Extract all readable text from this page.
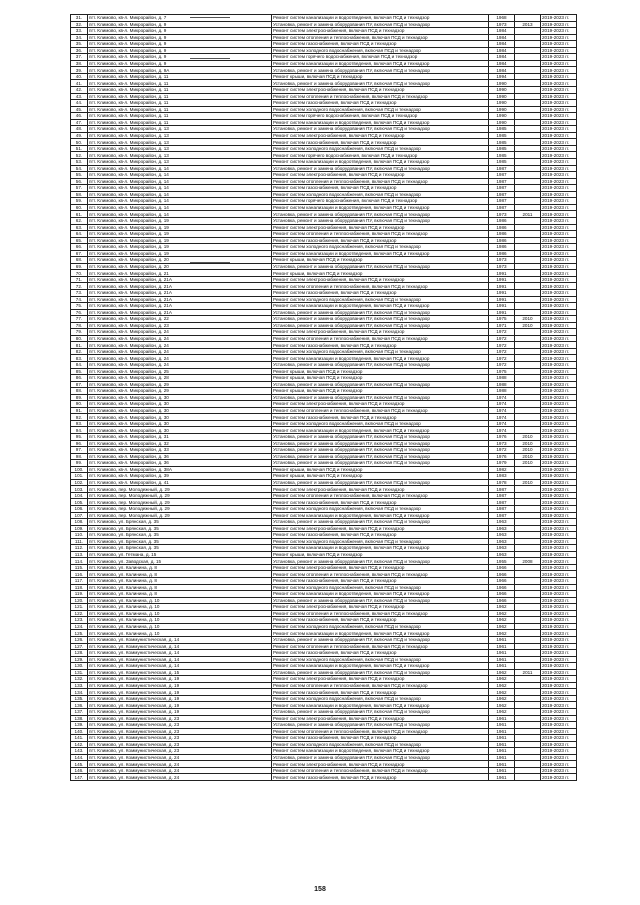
31.	пгт. Климово, кв-л. Микрорайон, д. 7	Ремонт систем канализации и водоотведения, включая ПСД и технадзор	1968		2019-2023 гг.
32.	пгт. Климово, кв-л. Микрорайон, д. 9	Установка, ремонт и замена оборудования ПУ, включая ПСД и технадзор	1973	2013	2019-2023 гг.
33.	пгт. Климово, кв-л. Микрорайон, д. 9	Ремонт систем электроснабжения, включая ПСД и технадзор	1984		2019-2023 гг.
34.	пгт. Климово, кв-л. Микрорайон, д. 9	Ремонт систем отопления и теплоснабжения, включая ПСД и технадзор	1984		2019-2023 гг.
35.	пгт. Климово, кв-л. Микрорайон, д. 9	Ремонт систем газоснабжения, включая ПСД и технадзор	1984		2019-2023 гг.
36.	пгт. Климово, кв-л. Микрорайон, д. 9	Ремонт систем холодного водоснабжения, включая ПСД и технадзор	1984		2019-2023 гг.
37.	пгт. Климово, кв-л. Микрорайон, д. 9	Ремонт систем горячего водоснабжения, включая ПСД и технадзор	1984		2019-2023 гг.
38.	пгт. Климово, кв-л. Микрорайон, д. 9	Ремонт систем канализации и водоотведения, включая ПСД и технадзор	1984		2019-2023 гг.
39.	пгт. Климово, кв-л. Микрорайон, д. 9А	Установка, ремонт и замена оборудования ПУ, включая ПСД и технадзор	1984		2019-2023 гг.
40.	пгт. Климово, кв-л. Микрорайон, д. 11	Ремонт крыши, включая ПСД и технадзор	1994		2019-2023 гг.
41.	пгт. Климово, кв-л. Микрорайон, д. 11	Установка, ремонт и замена оборудования ПУ, включая ПСД и технадзор	1990		2019-2023 гг.
42.	пгт. Климово, кв-л. Микрорайон, д. 11	Ремонт систем электроснабжения, включая ПСД и технадзор	1990		2019-2023 гг.
43.	пгт. Климово, кв-л. Микрорайон, д. 11	Ремонт систем отопления и теплоснабжения, включая ПСД и технадзор	1990		2019-2023 гг.
44.	пгт. Климово, кв-л. Микрорайон, д. 11	Ремонт систем газоснабжения, включая ПСД и технадзор	1990		2019-2023 гг.
45.	пгт. Климово, кв-л. Микрорайон, д. 11	Ремонт систем холодного водоснабжения, включая ПСД и технадзор	1990		2019-2023 гг.
46.	пгт. Климово, кв-л. Микрорайон, д. 11	Ремонт систем горячего водоснабжения, включая ПСД и технадзор	1990		2019-2023 гг.
47.	пгт. Климово, кв-л. Микрорайон, д. 11	Ремонт систем канализации и водоотведения, включая ПСД и технадзор	1990		2019-2023 гг.
48.	пгт. Климово, кв-л. Микрорайон, д. 13	Установка, ремонт и замена оборудования ПУ, включая ПСД и технадзор	1985		2019-2023 гг.
49.	пгт. Климово, кв-л. Микрорайон, д. 13	Ремонт систем электроснабжения, включая ПСД и технадзор	1985		2019-2023 гг.
50.	пгт. Климово, кв-л. Микрорайон, д. 13	Ремонт систем газоснабжения, включая ПСД и технадзор	1985		2019-2023 гг.
51.	пгт. Климово, кв-л. Микрорайон, д. 13	Ремонт систем холодного водоснабжения, включая ПСД и технадзор	1985		2019-2023 гг.
52.	пгт. Климово, кв-л. Микрорайон, д. 13	Ремонт систем горячего водоснабжения, включая ПСД и технадзор	1985		2019-2023 гг.
53.	пгт. Климово, кв-л. Микрорайон, д. 13	Ремонт систем канализации и водоотведения, включая ПСД и технадзор	1985		2019-2023 гг.
54.	пгт. Климово, кв-л. Микрорайон, д. 14	Установка, ремонт и замена оборудования ПУ, включая ПСД и технадзор	1987		2019-2023 гг.
55.	пгт. Климово, кв-л. Микрорайон, д. 14	Ремонт систем электроснабжения, включая ПСД и технадзор	1987		2019-2023 гг.
56.	пгт. Климово, кв-л. Микрорайон, д. 14	Ремонт систем отопления и теплоснабжения, включая ПСД и технадзор	1987		2019-2023 гг.
57.	пгт. Климово, кв-л. Микрорайон, д. 14	Ремонт систем газоснабжения, включая ПСД и технадзор	1987		2019-2023 гг.
58.	пгт. Климово, кв-л. Микрорайон, д. 14	Ремонт систем холодного водоснабжения, включая ПСД и технадзор	1987		2019-2023 гг.
59.	пгт. Климово, кв-л. Микрорайон, д. 14	Ремонт систем горячего водоснабжения, включая ПСД и технадзор	1987		2019-2023 гг.
60.	пгт. Климово, кв-л. Микрорайон, д. 14	Ремонт систем канализации и водоотведения, включая ПСД и технадзор	1987		2019-2023 гг.
61.	пгт. Климово, кв-л. Микрорайон, д. 14	Установка, ремонт и замена оборудования ПУ, включая ПСД и технадзор	1973	2011	2019-2023 гг.
62.	пгт. Климово, кв-л. Микрорайон, д. 19	Установка, ремонт и замена оборудования ПУ, включая ПСД и технадзор	1986		2019-2023 гг.
63.	пгт. Климово, кв-л. Микрорайон, д. 19	Ремонт систем электроснабжения, включая ПСД и технадзор	1986		2019-2023 гг.
64.	пгт. Климово, кв-л. Микрорайон, д. 19	Ремонт систем отопления и теплоснабжения, включая ПСД и технадзор	1986		2019-2023 гг.
65.	пгт. Климово, кв-л. Микрорайон, д. 19	Ремонт систем газоснабжения, включая ПСД и технадзор	1986		2019-2023 гг.
66.	пгт. Климово, кв-л. Микрорайон, д. 19	Ремонт систем холодного водоснабжения, включая ПСД и технадзор	1986		2019-2023 гг.
67.	пгт. Климово, кв-л. Микрорайон, д. 19	Ремонт систем канализации и водоотведения, включая ПСД и технадзор	1986		2019-2023 гг.
68.	пгт. Климово, кв-л. Микрорайон, д. 20	Ремонт крыши, включая ПСД и технадзор	1973		2019-2023 гг.
69.	пгт. Климово, кв-л. Микрорайон, д. 20	Установка, ремонт и замена оборудования ПУ, включая ПСД и технадзор	1973		2019-2023 гг.
70.	пгт. Климово, кв-л. Микрорайон, д. 21	Ремонт крыши, включая ПСД и технадзор	1991		2019-2023 гг.
71.	пгт. Климово, кв-л. Микрорайон, д. 21А	Ремонт систем электроснабжения, включая ПСД и технадзор	1991		2019-2023 гг.
72.	пгт. Климово, кв-л. Микрорайон, д. 21А	Ремонт систем отопления и теплоснабжения, включая ПСД и технадзор	1991		2019-2023 гг.
73.	пгт. Климово, кв-л. Микрорайон, д. 21А	Ремонт систем газоснабжения, включая ПСД и технадзор	1991		2019-2023 гг.
74.	пгт. Климово, кв-л. Микрорайон, д. 21А	Ремонт систем холодного водоснабжения, включая ПСД и технадзор	1991		2019-2023 гг.
75.	пгт. Климово, кв-л. Микрорайон, д. 21А	Ремонт систем канализации и водоотведения, включая ПСД и технадзор	1991		2019-2023 гг.
76.	пгт. Климово, кв-л. Микрорайон, д. 21А	Установка, ремонт и замена оборудования ПУ, включая ПСД и технадзор	1991		2019-2023 гг.
77.	пгт. Климово, кв-л. Микрорайон, д. 22	Установка, ремонт и замена оборудования ПУ, включая ПСД и технадзор	1975	2010	2019-2023 гг.
78.	пгт. Климово, кв-л. Микрорайон, д. 23	Установка, ремонт и замена оборудования ПУ, включая ПСД и технадзор	1971	2010	2019-2023 гг.
79.	пгт. Климово, кв-л. Микрорайон, д. 24	Ремонт систем электроснабжения, включая ПСД и технадзор	1972		2019-2023 гг.
80.	пгт. Климово, кв-л. Микрорайон, д. 24	Ремонт систем отопления и теплоснабжения, включая ПСД и технадзор	1972		2019-2023 гг.
81.	пгт. Климово, кв-л. Микрорайон, д. 24	Ремонт систем газоснабжения, включая ПСД и технадзор	1972		2019-2023 гг.
82.	пгт. Климово, кв-л. Микрорайон, д. 24	Ремонт систем холодного водоснабжения, включая ПСД и технадзор	1972		2019-2023 гг.
83.	пгт. Климово, кв-л. Микрорайон, д. 24	Ремонт систем канализации и водоотведения, включая ПСД и технадзор	1972		2019-2023 гг.
84.	пгт. Климово, кв-л. Микрорайон, д. 24	Установка, ремонт и замена оборудования ПУ, включая ПСД и технадзор	1972		2019-2023 гг.
85.	пгт. Климово, кв-л. Микрорайон, д. 25	Ремонт крыши, включая ПСД и технадзор	1975		2019-2023 гг.
86.	пгт. Климово, кв-л. Микрорайон, д. 28	Ремонт крыши, включая ПСД и технадзор	1988		2019-2023 гг.
87.	пгт. Климово, кв-л. Микрорайон, д. 29	Установка, ремонт и замена оборудования ПУ, включая ПСД и технадзор	1988		2019-2023 гг.
88.	пгт. Климово, кв-л. Микрорайон, д. 29	Ремонт крыши, включая ПСД и технадзор	1988		2019-2023 гг.
89.	пгт. Климово, кв-л. Микрорайон, д. 30	Установка, ремонт и замена оборудования ПУ, включая ПСД и технадзор	1974		2019-2023 гг.
90.	пгт. Климово, кв-л. Микрорайон, д. 30	Ремонт систем электроснабжения, включая ПСД и технадзор	1974		2019-2023 гг.
91.	пгт. Климово, кв-л. Микрорайон, д. 30	Ремонт систем отопления и теплоснабжения, включая ПСД и технадзор	1974		2019-2023 гг.
92.	пгт. Климово, кв-л. Микрорайон, д. 30	Ремонт систем газоснабжения, включая ПСД и технадзор	1974		2019-2023 гг.
93.	пгт. Климово, кв-л. Микрорайон, д. 30	Ремонт систем холодного водоснабжения, включая ПСД и технадзор	1974		2019-2023 гг.
94.	пгт. Климово, кв-л. Микрорайон, д. 30	Ремонт систем канализации и водоотведения, включая ПСД и технадзор	1974		2019-2023 гг.
95.	пгт. Климово, кв-л. Микрорайон, д. 31	Установка, ремонт и замена оборудования ПУ, включая ПСД и технадзор	1976	2010	2019-2023 гг.
96.	пгт. Климово, кв-л. Микрорайон, д. 32	Установка, ремонт и замена оборудования ПУ, включая ПСД и технадзор	1973	2010	2019-2023 гг.
97.	пгт. Климово, кв-л. Микрорайон, д. 33	Установка, ремонт и замена оборудования ПУ, включая ПСД и технадзор	1972	2010	2019-2023 гг.
98.	пгт. Климово, кв-л. Микрорайон, д. 36	Установка, ремонт и замена оборудования ПУ, включая ПСД и технадзор	1976	2010	2019-2023 гг.
99.	пгт. Климово, кв-л. Микрорайон, д. 36	Установка, ремонт и замена оборудования ПУ, включая ПСД и технадзор	1979	2010	2019-2023 гг.
100.	пгт. Климово, кв-л. Микрорайон, д. 38А	Ремонт крыши, включая ПСД и технадзор	1982		2019-2023 гг.
101.	пгт. Климово, кв-л. Микрорайон, д. 39	Ремонт крыши, включая ПСД и технадзор	1983		2019-2023 гг.
102.	пгт. Климово, кв-л. Микрорайон, д. 41	Установка, ремонт и замена оборудования ПУ, включая ПСД и технадзор	1978	2010	2019-2023 гг.
103.	пгт. Климово, пер. Молодежный, д. 29	Ремонт систем электроснабжения, включая ПСД и технадзор	1987		2019-2023 гг.
104.	пгт. Климово, пер. Молодежный, д. 29	Ремонт систем отопления и теплоснабжения, включая ПСД и технадзор	1987		2019-2023 гг.
105.	пгт. Климово, пер. Молодежный, д. 29	Ремонт систем газоснабжения, включая ПСД и технадзор	1987		2019-2023 гг.
106.	пгт. Климово, пер. Молодежный, д. 29	Ремонт систем холодного водоснабжения, включая ПСД и технадзор	1987		2019-2023 гг.
107.	пгт. Климово, пер. Молодежный, д. 29	Ремонт систем канализации и водоотведения, включая ПСД и технадзор	1987		2019-2023 гг.
108.	пгт. Климово, ул. Брянская, д. 35	Установка, ремонт и замена оборудования ПУ, включая ПСД и технадзор	1963		2019-2023 гг.
109.	пгт. Климово, ул. Брянская, д. 35	Ремонт систем электроснабжения, включая ПСД и технадзор	1963		2019-2023 гг.
110.	пгт. Климово, ул. Брянская, д. 35	Ремонт систем газоснабжения, включая ПСД и технадзор	1963		2019-2023 гг.
111.	пгт. Климово, ул. Брянская, д. 35	Ремонт систем холодного водоснабжения, включая ПСД и технадзор	1963		2019-2023 гг.
112.	пгт. Климово, ул. Брянская, д. 35	Ремонт систем канализации и водоотведения, включая ПСД и технадзор	1963		2019-2023 гг.
113.	пгт. Климово, ул. Гетмана, д. 15	Ремонт крыши, включая ПСД и технадзор	1963		2019-2023 гг.
114.	пгт. Климово, ул. Заводская, д. 15	Установка, ремонт и замена оборудования ПУ, включая ПСД и технадзор	1955	2008	2019-2023 гг.
115.	пгт. Климово, ул. Калинина, д. 8	Ремонт систем электроснабжения, включая ПСД и технадзор	1966		2019-2023 гг.
116.	пгт. Климово, ул. Калинина, д. 8	Ремонт систем отопления и теплоснабжения, включая ПСД и технадзор	1966		2019-2023 гг.
117.	пгт. Климово, ул. Калинина, д. 8	Ремонт систем газоснабжения, включая ПСД и технадзор	1966		2019-2023 гг.
118.	пгт. Климово, ул. Калинина, д. 8	Ремонт систем холодного водоснабжения, включая ПСД и технадзор	1966		2019-2023 гг.
119.	пгт. Климово, ул. Калинина, д. 8	Ремонт систем канализации и водоотведения, включая ПСД и технадзор	1966		2019-2023 гг.
120.	пгт. Климово, ул. Калинина, д. 10	Установка, ремонт и замена оборудования ПУ, включая ПСД и технадзор	1966		2019-2023 гг.
121.	пгт. Климово, ул. Калинина, д. 10	Ремонт систем электроснабжения, включая ПСД и технадзор	1962		2019-2023 гг.
122.	пгт. Климово, ул. Калинина, д. 10	Ремонт систем отопления и теплоснабжения, включая ПСД и технадзор	1962		2019-2023 гг.
123.	пгт. Климово, ул. Калинина, д. 10	Ремонт систем газоснабжения, включая ПСД и технадзор	1962		2019-2023 гг.
124.	пгт. Климово, ул. Калинина, д. 10	Ремонт систем холодного водоснабжения, включая ПСД и технадзор	1962		2019-2023 гг.
125.	пгт. Климово, ул. Калинина, д. 10	Ремонт систем канализации и водоотведения, включая ПСД и технадзор	1962		2019-2023 гг.
126.	пгт. Климово, ул. Коммунистическая, д. 14	Установка, ремонт и замена оборудования ПУ, включая ПСД и технадзор	1961		2019-2023 гг.
127.	пгт. Климово, ул. Коммунистическая, д. 14	Ремонт систем отопления и теплоснабжения, включая ПСД и технадзор	1961		2019-2023 гг.
128.	пгт. Климово, ул. Коммунистическая, д. 14	Ремонт систем газоснабжения, включая ПСД и технадзор	1961		2019-2023 гг.
129.	пгт. Климово, ул. Коммунистическая, д. 14	Ремонт систем холодного водоснабжения, включая ПСД и технадзор	1961		2019-2023 гг.
130.	пгт. Климово, ул. Коммунистическая, д. 14	Ремонт систем канализации и водоотведения, включая ПСД и технадзор	1961		2019-2023 гг.
131.	пгт. Климово, ул. Коммунистическая, д. 15	Установка, ремонт и замена оборудования ПУ, включая ПСД и технадзор	1962	2011	2019-2023 гг.
132.	пгт. Климово, ул. Коммунистическая, д. 19	Ремонт систем электроснабжения, включая ПСД и технадзор	1962		2019-2023 гг.
133.	пгт. Климово, ул. Коммунистическая, д. 19	Ремонт систем отопления и теплоснабжения, включая ПСД и технадзор	1962		2019-2023 гг.
134.	пгт. Климово, ул. Коммунистическая, д. 19	Ремонт систем газоснабжения, включая ПСД и технадзор	1962		2019-2023 гг.
135.	пгт. Климово, ул. Коммунистическая, д. 19	Ремонт систем холодного водоснабжения, включая ПСД и технадзор	1962		2019-2023 гг.
136.	пгт. Климово, ул. Коммунистическая, д. 19	Ремонт систем канализации и водоотведения, включая ПСД и технадзор	1962		2019-2023 гг.
137.	пгт. Климово, ул. Коммунистическая, д. 19	Установка, ремонт и замена оборудования ПУ, включая ПСД и технадзор	1962		2019-2023 гг.
138.	пгт. Климово, ул. Коммунистическая, д. 23	Ремонт систем электроснабжения, включая ПСД и технадзор	1961		2019-2023 гг.
139.	пгт. Климово, ул. Коммунистическая, д. 23	Установка, ремонт и замена оборудования ПУ, включая ПСД и технадзор	1961		2019-2023 гг.
140.	пгт. Климово, ул. Коммунистическая, д. 23	Ремонт систем отопления и теплоснабжения, включая ПСД и технадзор	1961		2019-2023 гг.
141.	пгт. Климово, ул. Коммунистическая, д. 23	Ремонт систем газоснабжения, включая ПСД и технадзор	1961		2019-2023 гг.
142.	пгт. Климово, ул. Коммунистическая, д. 23	Ремонт систем холодного водоснабжения, включая ПСД и технадзор	1961		2019-2023 гг.
143.	пгт. Климово, ул. Коммунистическая, д. 23	Ремонт систем канализации и водоотведения, включая ПСД и технадзор	1961		2019-2023 гг.
144.	пгт. Климово, ул. Коммунистическая, д. 24	Установка, ремонт и замена оборудования ПУ, включая ПСД и технадзор	1961		2019-2023 гг.
145.	пгт. Климово, ул. Коммунистическая, д. 24	Ремонт систем электроснабжения, включая ПСД и технадзор	1961		2019-2023 гг.
146.	пгт. Климово, ул. Коммунистическая, д. 24	Ремонт систем отопления и теплоснабжения, включая ПСД и технадзор	1961		2019-2023 гг.
147.	пгт. Климово, ул. Коммунистическая, д. 24	Ремонт систем газоснабжения, включая ПСД и технадзор	1961		2019-2023 гг.
158
